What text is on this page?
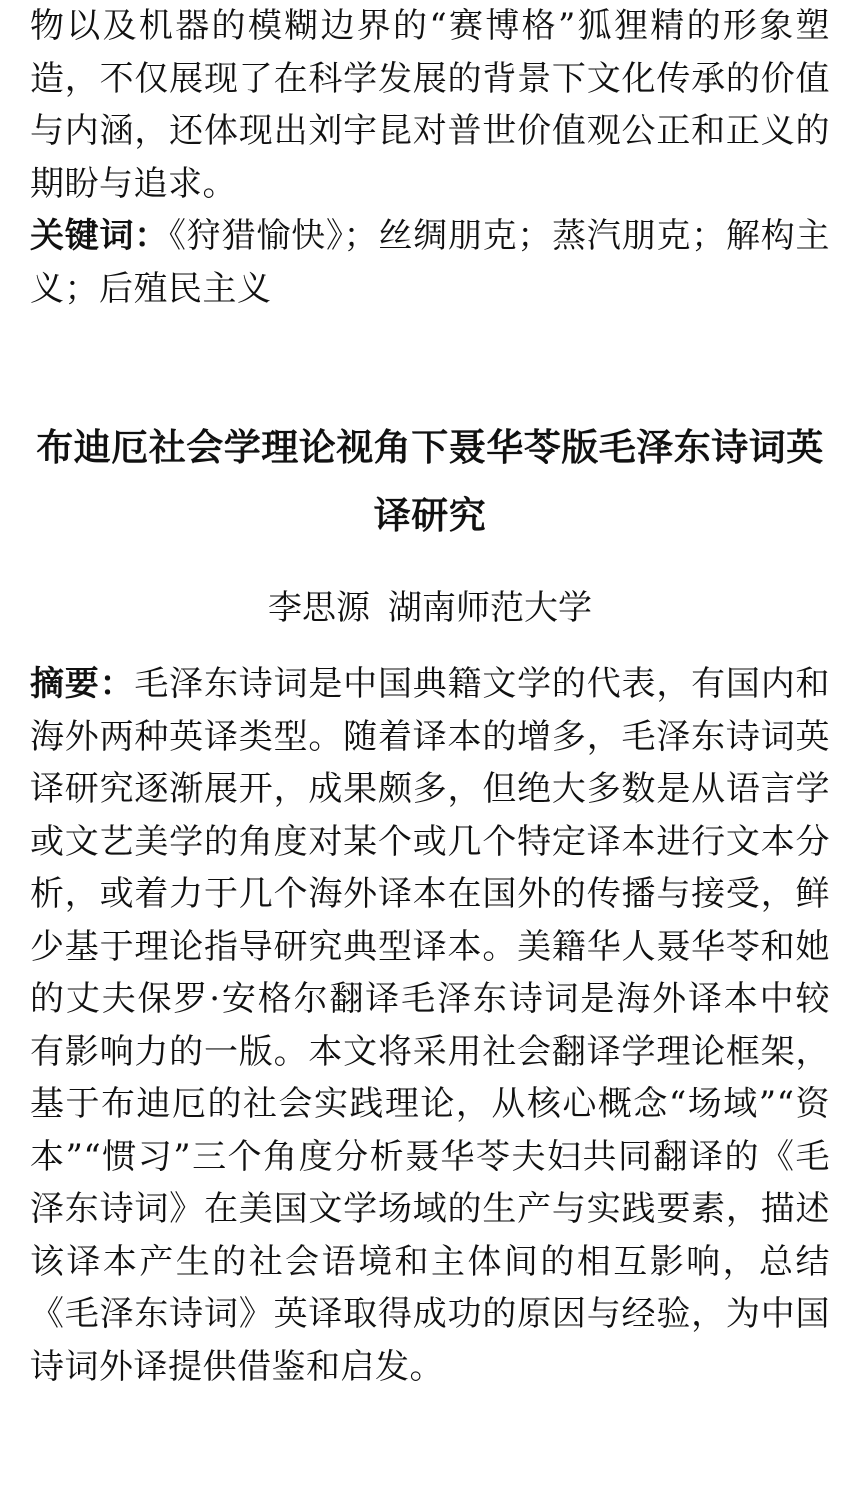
物以及机器的模糊边界的“赛博格”狐狸精的形象塑造，不仅展现了在科学发展的背景下文化传承的价值与内涵，还体现出刘宇昆对普世价值观公正和正义的期盼与追求。

关键词：《狩猎愉快》；丝绸朋克；蒸汽朋克；解构主义；后殖民主义

布迪厄社会学理论视角下聂华苓版毛泽东诗词英译研究

李思源 湖南师范大学

摘要：毛泽东诗词是中国典籍文学的代表，有国内和海外两种英译类型。随着译本的增多，毛泽东诗词英译研究逐渐展开，成果颇多，但绝大多数是从语言学或文艺美学的角度对某个或几个特定译本进行文本分析，或着力于几个海外译本在国外的传播与接受，鲜少基于理论指导研究典型译本。美籍华人聂华苓和她的丈夫保罗·安格尔翻译毛泽东诗词是海外译本中较有影响力的一版。本文将采用社会翻译学理论框架，基于布迪厄的社会实践理论，从核心概念“场域”“资本”“惯习”三个角度分析聂华苓夫妇共同翻译的《毛泽东诗词》在美国文学场域的生产与实践要素，描述该译本产生的社会语境和主体间的相互影响，总结《毛泽东诗词》英译取得成功的原因与经验，为中国诗词外译提供借鉴和启发。
